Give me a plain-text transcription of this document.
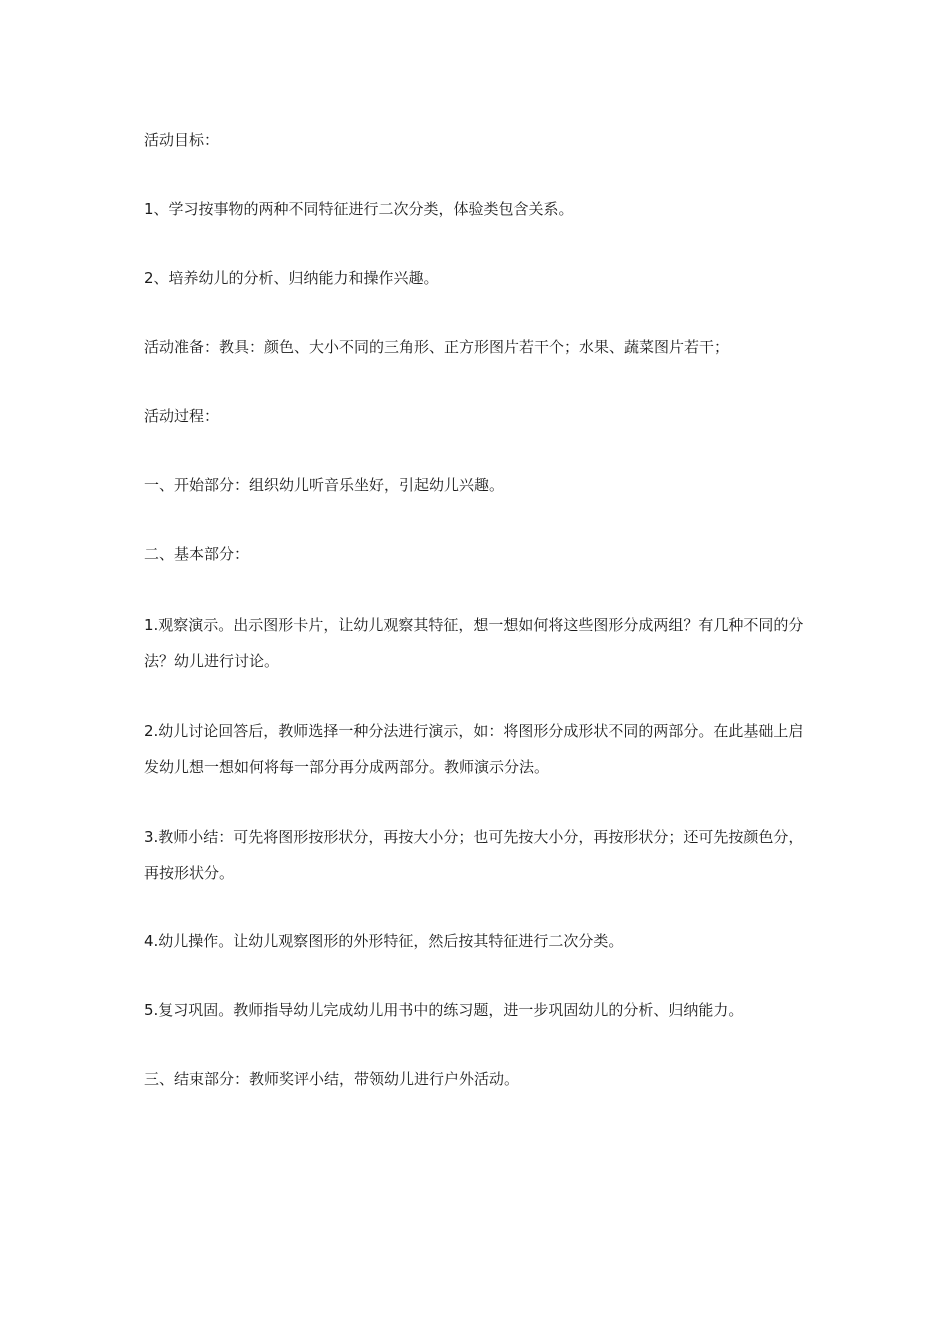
活动目标：

1、学习按事物的两种不同特征进行二次分类，体验类包含关系。

2、培养幼儿的分析、归纳能力和操作兴趣。

活动准备：教具：颜色、大小不同的三角形、正方形图片若干个；水果、蔬菜图片若干；

活动过程：

一、开始部分：组织幼儿听音乐坐好，引起幼儿兴趣。

二、基本部分：

1.观察演示。出示图形卡片，让幼儿观察其特征，想一想如何将这些图形分成两组？有几种不同的分法？幼儿进行讨论。

2.幼儿讨论回答后，教师选择一种分法进行演示，如：将图形分成形状不同的两部分。在此基础上启发幼儿想一想如何将每一部分再分成两部分。教师演示分法。

3.教师小结：可先将图形按形状分，再按大小分；也可先按大小分，再按形状分；还可先按颜色分，再按形状分。

4.幼儿操作。让幼儿观察图形的外形特征，然后按其特征进行二次分类。

5.复习巩固。教师指导幼儿完成幼儿用书中的练习题，进一步巩固幼儿的分析、归纳能力。

三、结束部分：教师奖评小结，带领幼儿进行户外活动。
